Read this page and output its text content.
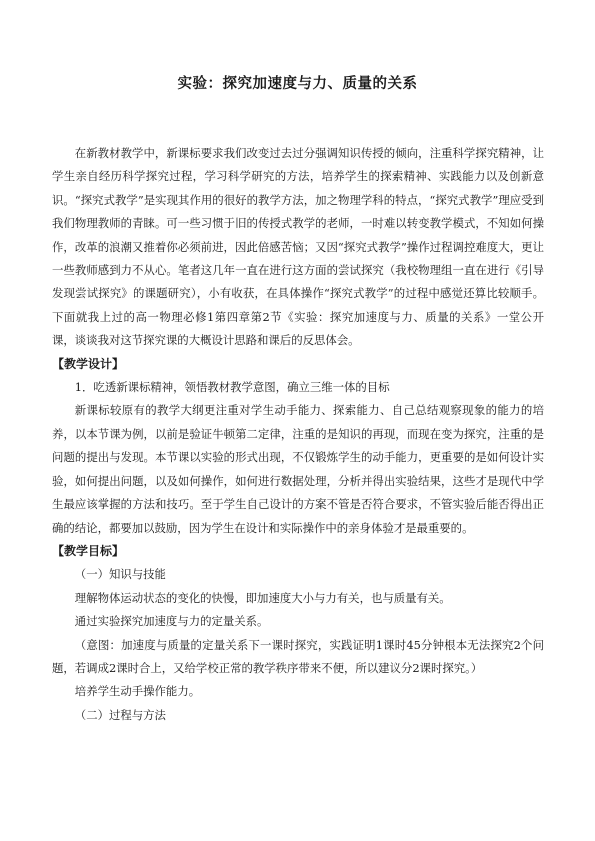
实验：探究加速度与力、质量的关系

在新教材教学中，新课标要求我们改变过去过分强调知识传授的倾向，注重科学探究精神，让学生亲自经历科学探究过程，学习科学研究的方法，培养学生的探索精神、实践能力以及创新意识。“探究式教学”是实现其作用的很好的教学方法，加之物理学科的特点，“探究式教学”理应受到我们物理教师的青睐。可一些习惯于旧的传授式教学的老师，一时难以转变教学模式，不知如何操作，改革的浪潮又推着你必须前进，因此倍感苦恼；又因“探究式教学”操作过程调控难度大，更让一些教师感到力不从心。笔者这几年一直在进行这方面的尝试探究（我校物理组一直在进行《引导发现尝试探究》的课题研究），小有收获，在具体操作“探究式教学”的过程中感觉还算比较顺手。下面就我上过的高一物理必修1第四章第2节《实验：探究加速度与力、质量的关系》一堂公开课，谈谈我对这节探究课的大概设计思路和课后的反思体会。

【教学设计】

1．吃透新课标精神，领悟教材教学意图，确立三维一体的目标

新课标较原有的教学大纲更注重对学生动手能力、探索能力、自己总结观察现象的能力的培养，以本节课为例，以前是验证牛顿第二定律，注重的是知识的再现，而现在变为探究，注重的是问题的提出与发现。本节课以实验的形式出现，不仅锻炼学生的动手能力，更重要的是如何设计实验，如何提出问题，以及如何操作，如何进行数据处理，分析并得出实验结果，这些才是现代中学生最应该掌握的方法和技巧。至于学生自己设计的方案不管是否符合要求，不管实验后能否得出正确的结论，都要加以鼓励，因为学生在设计和实际操作中的亲身体验才是最重要的。

【教学目标】

（一）知识与技能

理解物体运动状态的变化的快慢，即加速度大小与力有关，也与质量有关。

通过实验探究加速度与力的定量关系。

（意图：加速度与质量的定量关系下一课时探究，实践证明1课时45分钟根本无法探究2个问题，若调成2课时合上，又给学校正常的教学秩序带来不便，所以建议分2课时探究。）

培养学生动手操作能力。

（二）过程与方法
